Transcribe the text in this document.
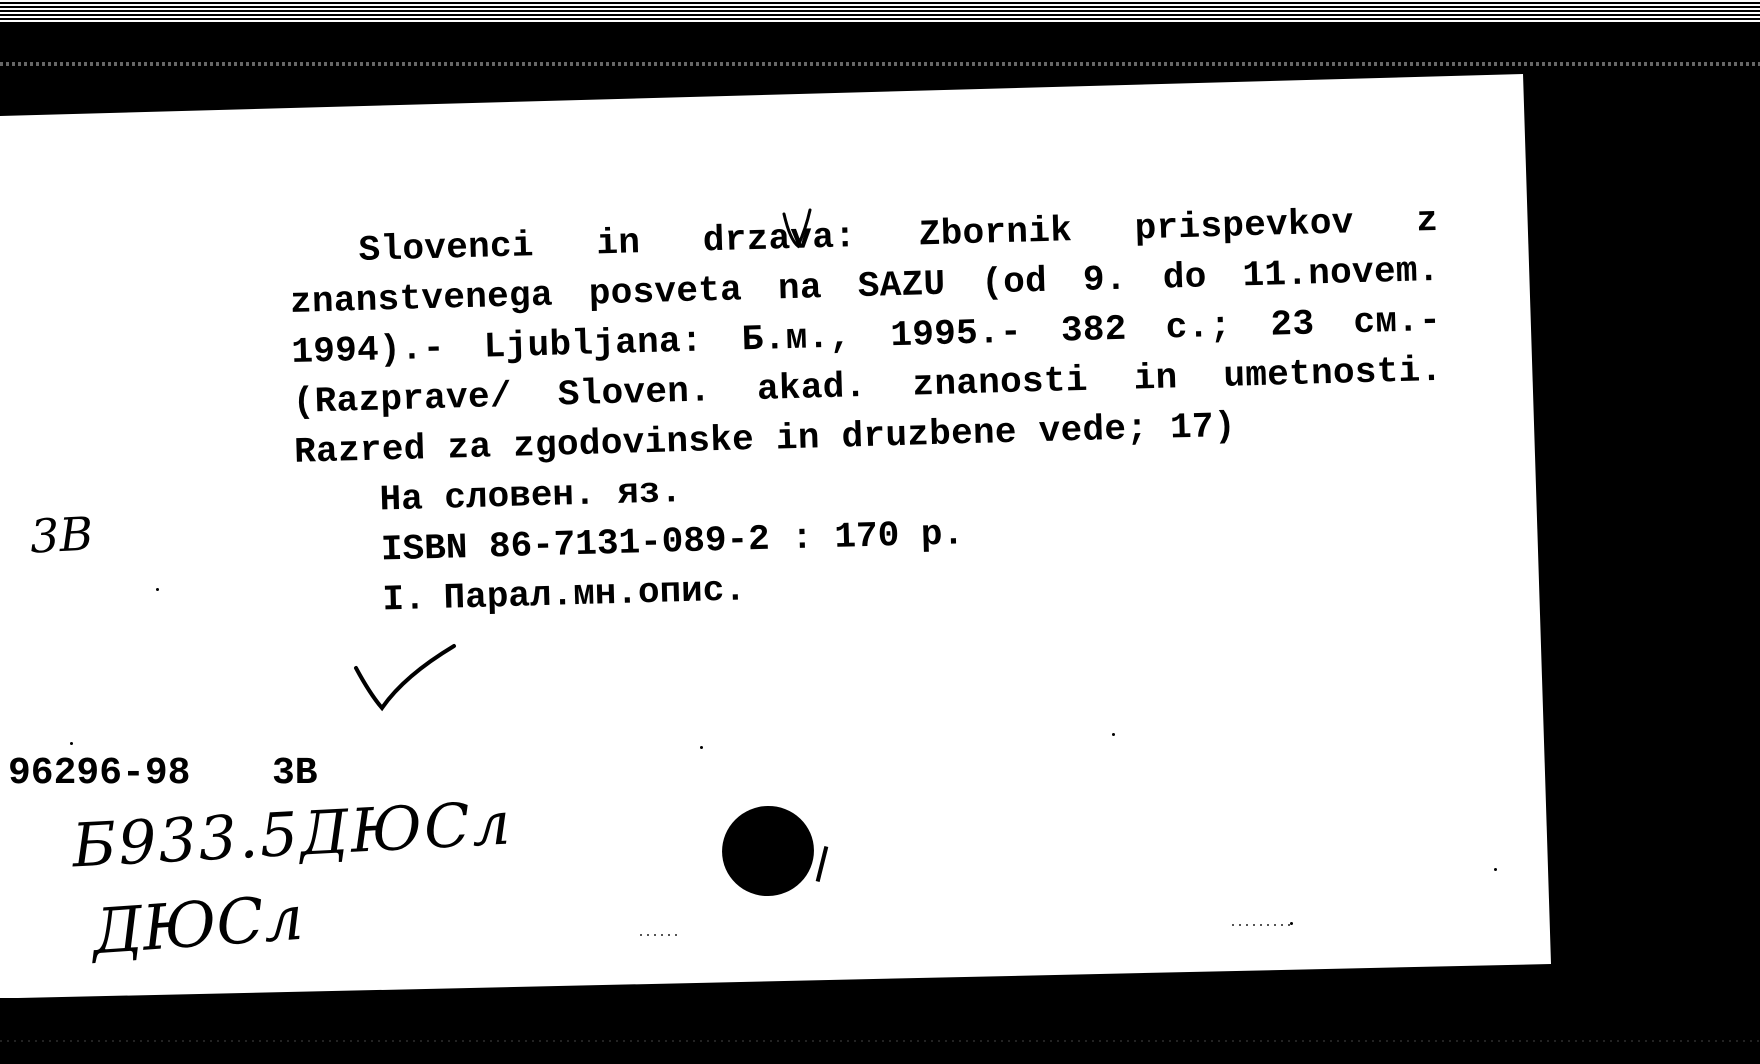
Slovenci in drzava: Zbornik prispevkov z znanstvenega posveta na SAZU (od 9. do 11.novem. 1994).- Ljubljana: Б.м., 1995.- 382 с.; 23 см.- (Razprave/ Sloven. akad. znanosti in umetnosti. Razred za zgodovinske in druzbene vede; 17)

На словен. яз.

ISBN 86-7131-089-2 : 170 р.

I. Парал.мн.опис.

3В
96296-98 3В
Б933.5ДЮСл
ДЮСл
